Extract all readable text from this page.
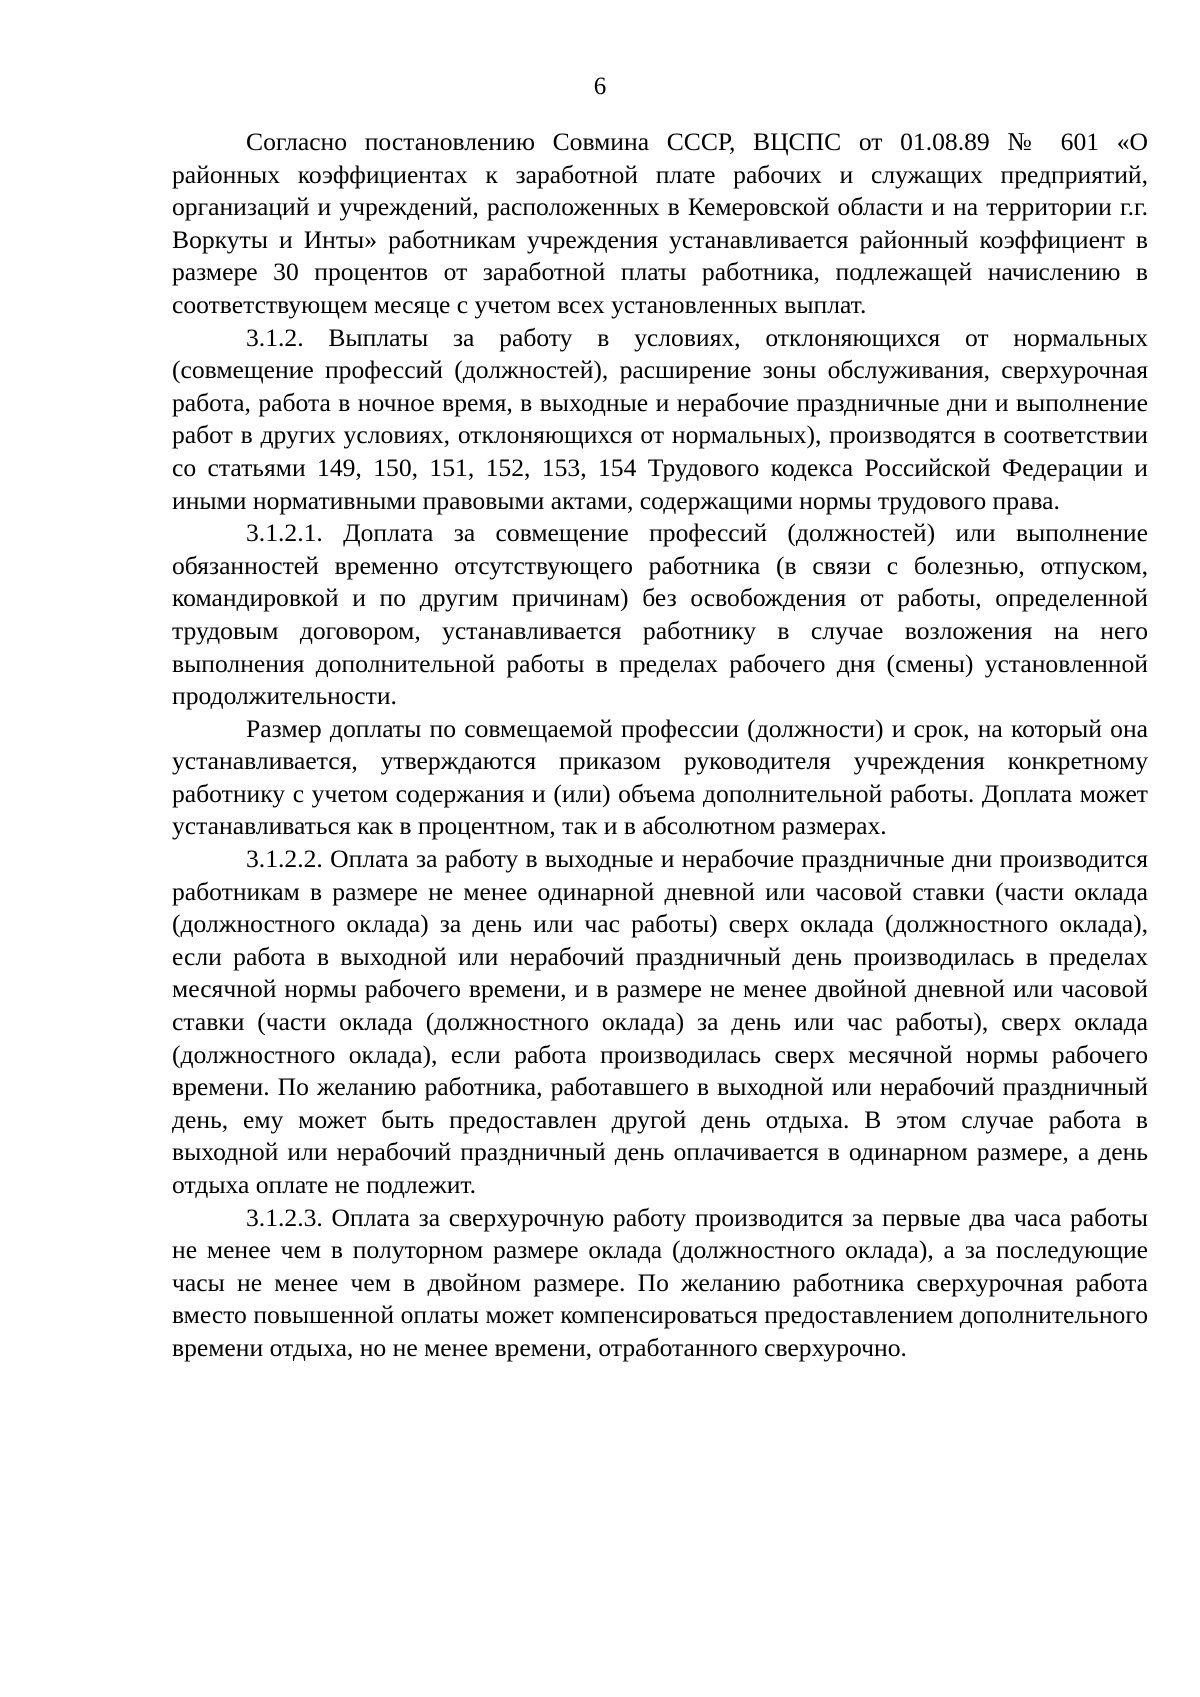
6

Согласно постановлению Совмина СССР, ВЦСПС от 01.08.89 № 601 «О районных коэффициентах к заработной плате рабочих и служащих предприятий, организаций и учреждений, расположенных в Кемеровской области и на территории г.г. Воркуты и Инты» работникам учреждения устанавливается районный коэффициент в размере 30 процентов от заработной платы работника, подлежащей начислению в соответствующем месяце с учетом всех установленных выплат.

3.1.2. Выплаты за работу в условиях, отклоняющихся от нормальных (совмещение профессий (должностей), расширение зоны обслуживания, сверхурочная работа, работа в ночное время, в выходные и нерабочие праздничные дни и выполнение работ в других условиях, отклоняющихся от нормальных), производятся в соответствии со статьями 149, 150, 151, 152, 153, 154 Трудового кодекса Российской Федерации и иными нормативными правовыми актами, содержащими нормы трудового права.

3.1.2.1. Доплата за совмещение профессий (должностей) или выполнение обязанностей временно отсутствующего работника (в связи с болезнью, отпуском, командировкой и по другим причинам) без освобождения от работы, определенной трудовым договором, устанавливается работнику в случае возложения на него выполнения дополнительной работы в пределах рабочего дня (смены) установленной продолжительности.

Размер доплаты по совмещаемой профессии (должности) и срок, на который она устанавливается, утверждаются приказом руководителя учреждения конкретному работнику с учетом содержания и (или) объема дополнительной работы. Доплата может устанавливаться как в процентном, так и в абсолютном размерах.

3.1.2.2. Оплата за работу в выходные и нерабочие праздничные дни производится работникам в размере не менее одинарной дневной или часовой ставки (части оклада (должностного оклада) за день или час работы) сверх оклада (должностного оклада), если работа в выходной или нерабочий праздничный день производилась в пределах месячной нормы рабочего времени, и в размере не менее двойной дневной или часовой ставки (части оклада (должностного оклада) за день или час работы), сверх оклада (должностного оклада), если работа производилась сверх месячной нормы рабочего времени. По желанию работника, работавшего в выходной или нерабочий праздничный день, ему может быть предоставлен другой день отдыха. В этом случае работа в выходной или нерабочий праздничный день оплачивается в одинарном размере, а день отдыха оплате не подлежит.

3.1.2.3. Оплата за сверхурочную работу производится за первые два часа работы не менее чем в полуторном размере оклада (должностного оклада), а за последующие часы не менее чем в двойном размере. По желанию работника сверхурочная работа вместо повышенной оплаты может компенсироваться предоставлением дополнительного времени отдыха, но не менее времени, отработанного сверхурочно.
